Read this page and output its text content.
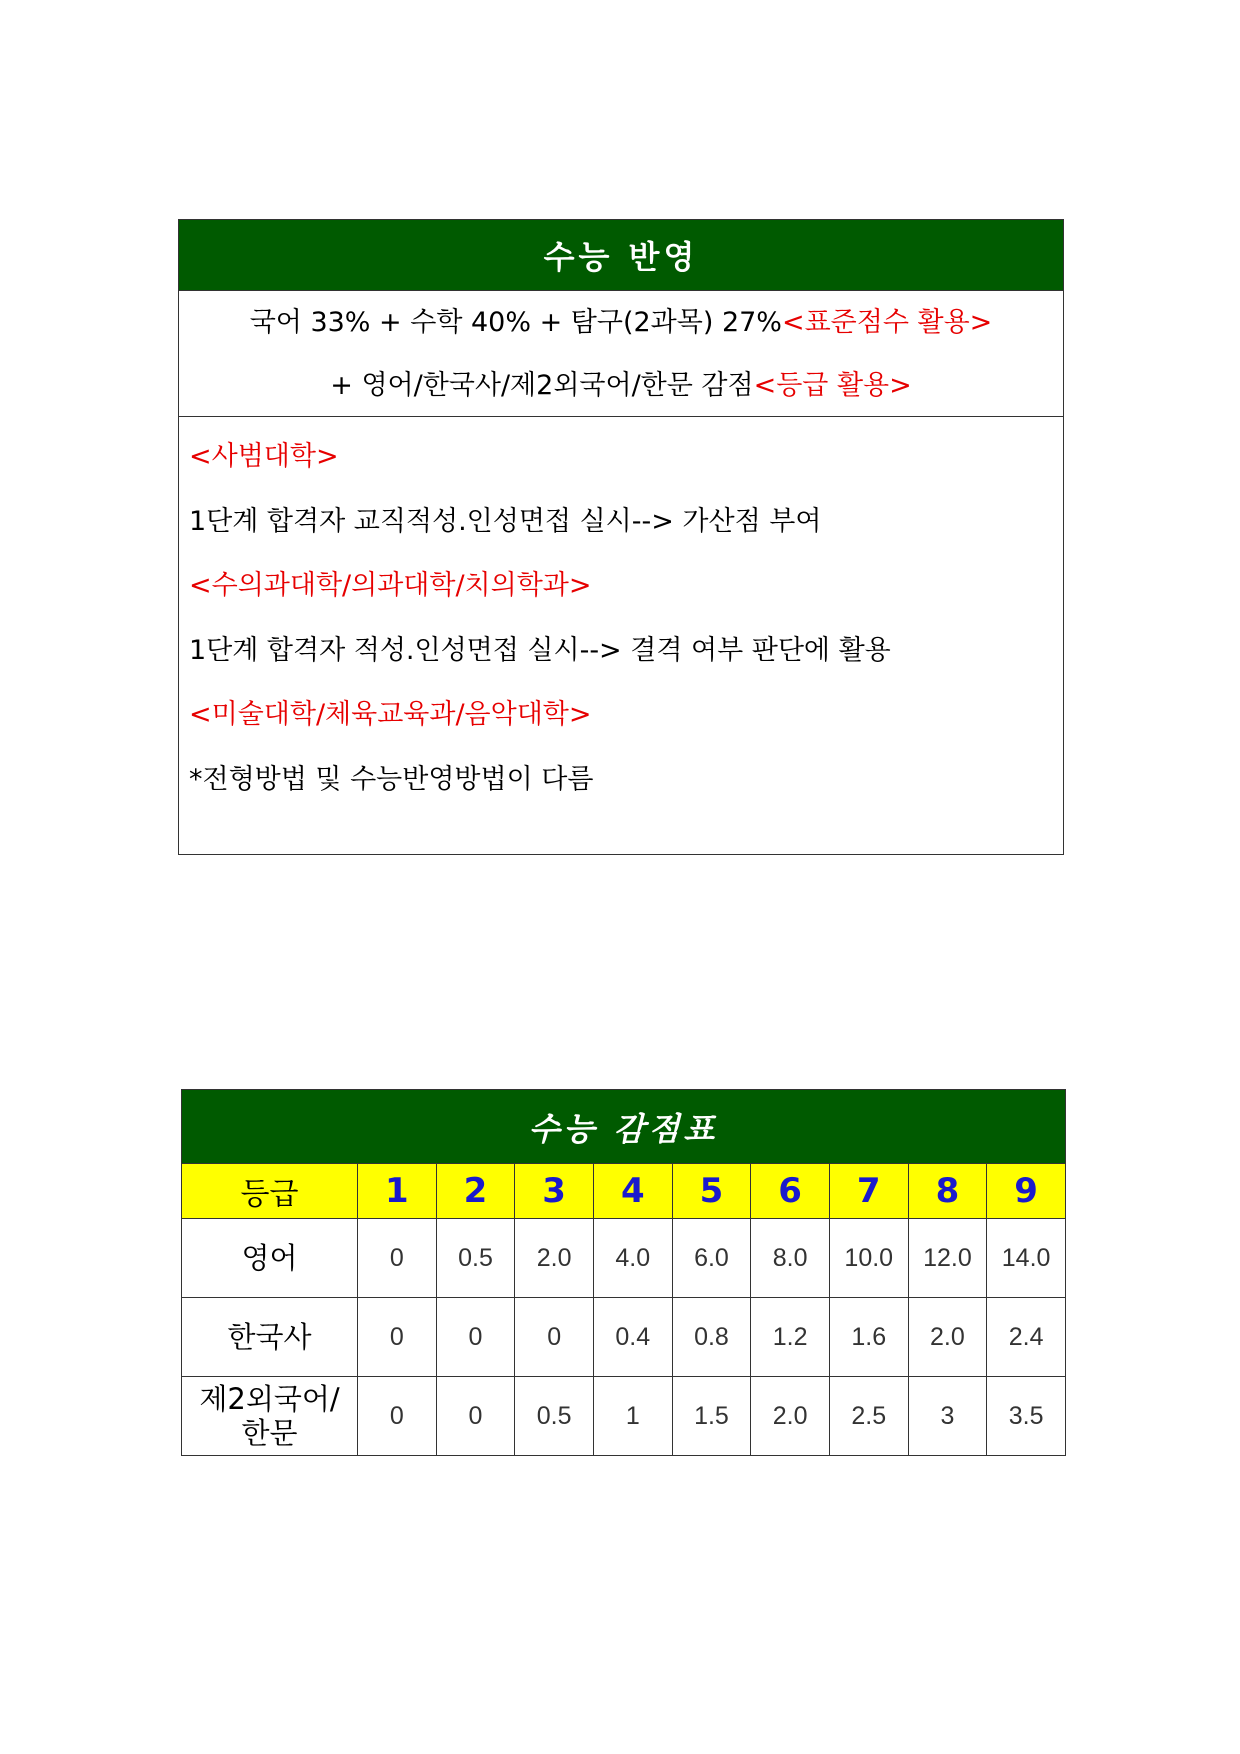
수능 반영
국어 33% + 수학 40% + 탐구(2과목) 27%<표준점수 활용>
+ 영어/한국사/제2외국어/한문 감점<등급 활용>
<사범대학>
1단계 합격자 교직적성.인성면접 실시--> 가산점 부여
<수의과대학/의과대학/치의학과>
1단계 합격자 적성.인성면접 실시--> 결격 여부 판단에 활용
<미술대학/체육교육과/음악대학>
*전형방법 및 수능반영방법이 다름
수능 감점표
등급	1	2	3	4	5	6	7	8	9
영어	0	0.5	2.0	4.0	6.0	8.0	10.0	12.0	14.0
한국사	0	0	0	0.4	0.8	1.2	1.6	2.0	2.4

제2외국어/
한문	0	0	0.5	1	1.5	2.0	2.5	3	3.5
